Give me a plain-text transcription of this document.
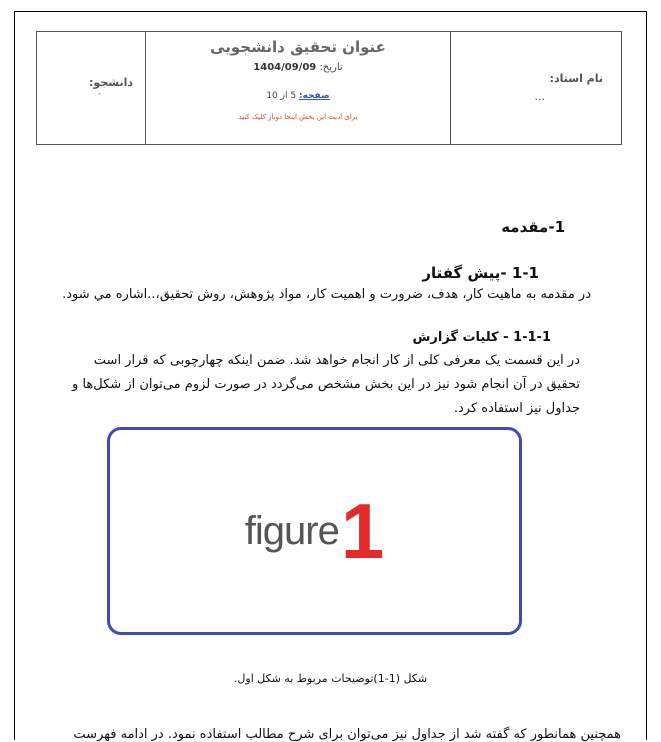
دانشجو:
-
عنوان تحقیق دانشجویی
تاریخ: 1404/09/09
صفحه: 5 از 10
برای ادیت این بخش اینجا دوبار کلیک کنید
نام استاد:
...
1-مقدمه
1-1 -پیش گفتار
در مقدمه به ماهیت کار، هدف، ضرورت و اهمیت کار، مواد پژوهش، روش تحقیق،..اشاره مي شود.
1-1-1 - کلیات گزارش
در این قسمت یک معرفی کلی از کار انجام خواهد شد. ضمن اینکه چهارچوبی که قرار است تحقیق در آن انجام شود نیز در این بخش مشخص می‌گردد در صورت لزوم می‌توان از شکل‌ها و جداول نیز استفاده کرد.
figure 1
شکل (1-1)توضیحات مربوط به شکل اول.
همچنین همانطور که گفته شد از جداول نیز می‌توان برای شرح مطالب استفاده نمود. در ادامه فهرست
